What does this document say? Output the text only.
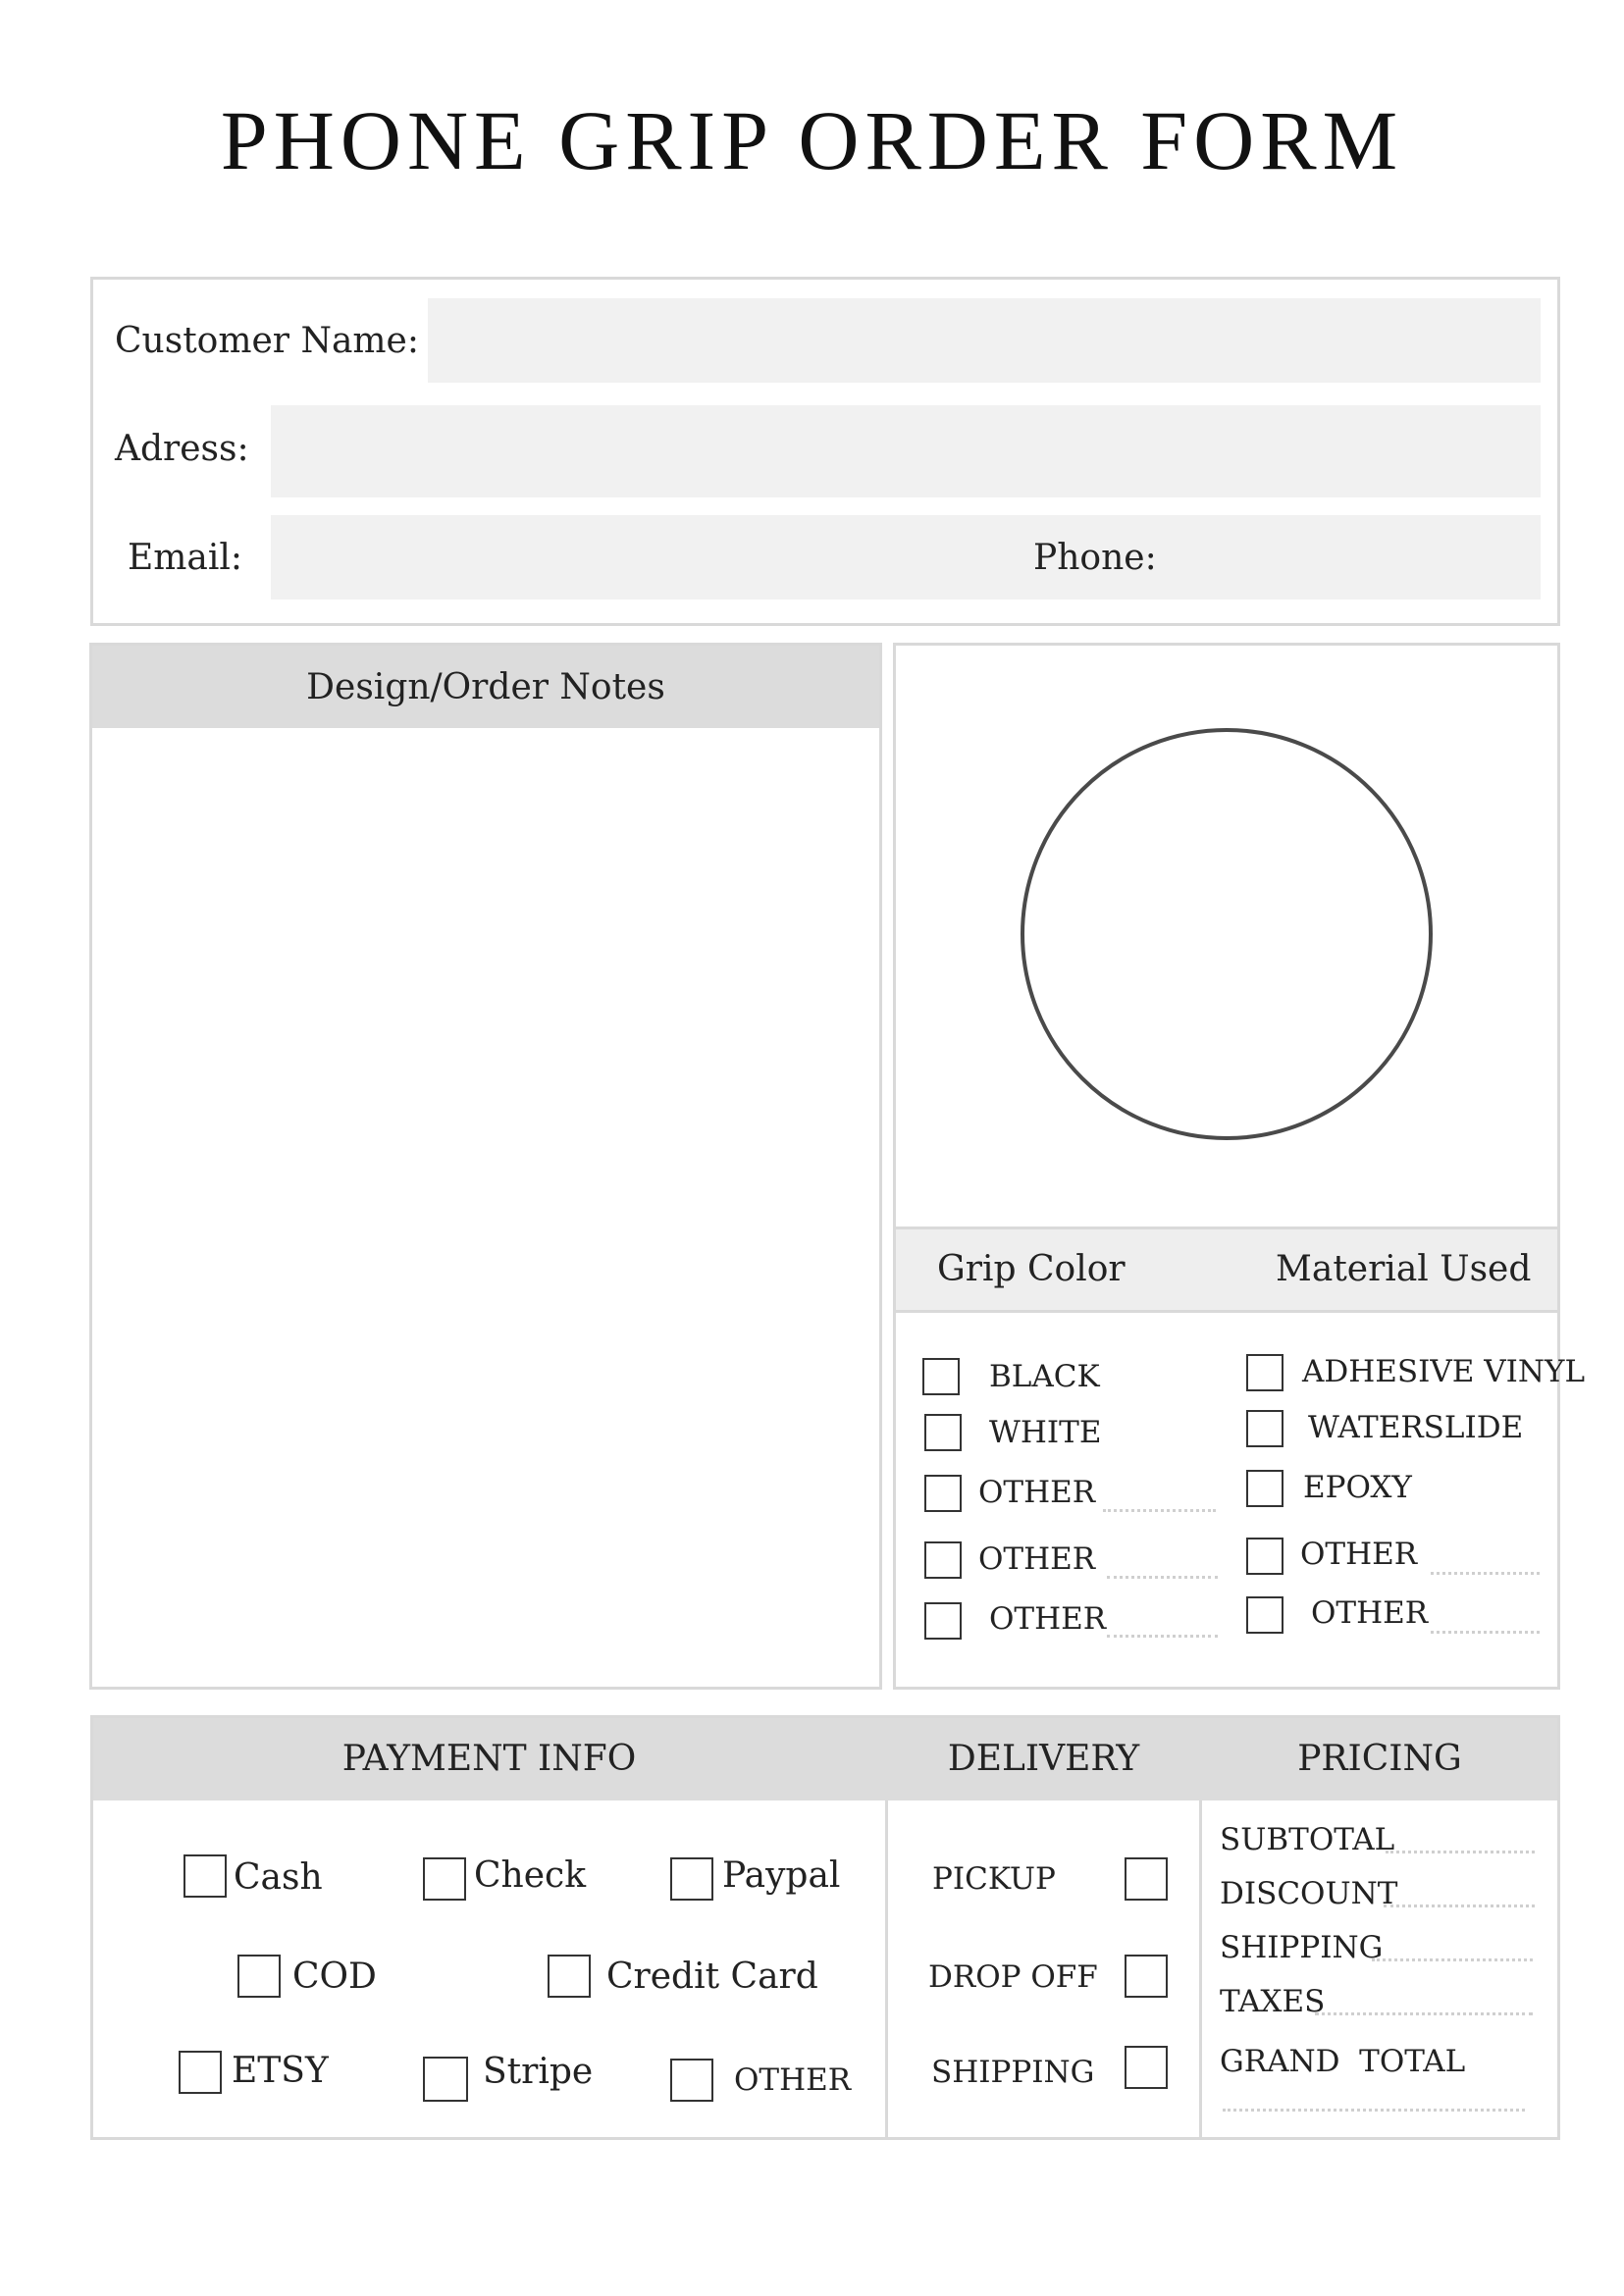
PHONE GRIP ORDER FORM
Customer Name:
Adress:
Email:	Phone:
Design/Order Notes
Grip Color	Material Used
BLACK
WHITE
OTHER
OTHER
OTHER
ADHESIVE VINYL
WATERSLIDE
EPOXY
OTHER
OTHER
PAYMENT INFO	DELIVERY	PRICING
Cash	Check	Paypal
COD	Credit Card
ETSY	Stripe	OTHER
PICKUP
DROP OFF
SHIPPING
SUBTOTAL
DISCOUNT
SHIPPING
TAXES
GRAND  TOTAL
